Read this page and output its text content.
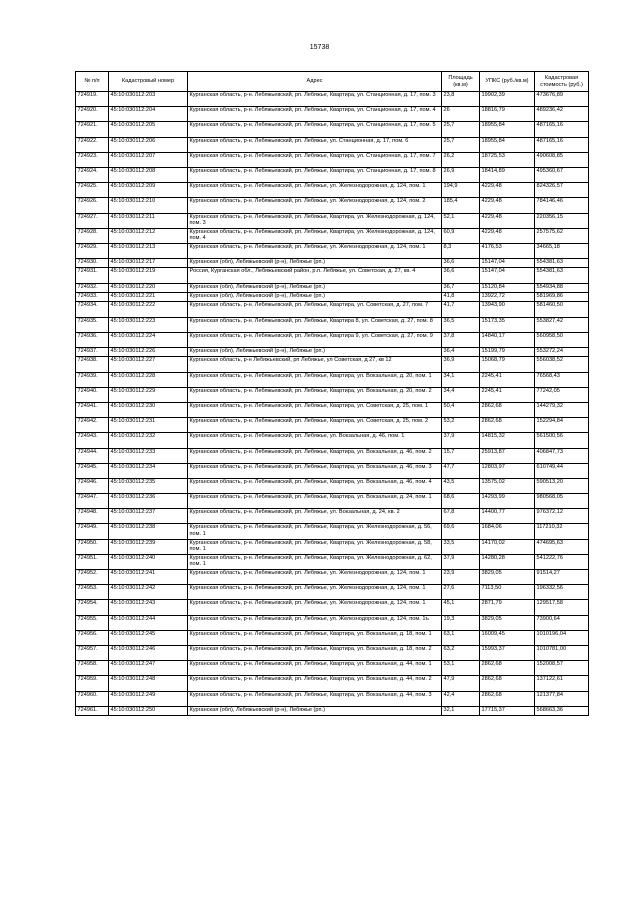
15738
№ п/п	Кадастровый номер	Адрес	Площадь (кв.м)	УПКС (руб./кв.м)	Кадастровая стоимость (руб.)
724919.	45:10:030112:203	Курганская область, р-н. Лебяжьевский, рп. Лебяжье, Квартира, ул. Станционная, д. 17, пом. 3	23,8	19902,39	473676,89
724920.	45:10:030112:204	Курганская область, р-н. Лебяжьевский, рп. Лебяжье, Квартира, ул. Станционная, д. 17, пом. 4	26	18816,79	489236,42
724921.	45:10:030112:205	Курганская область, р-н. Лебяжьевский, рп. Лебяжье, Квартира, ул. Станционная, д. 17, пом. 5	25,7	18955,84	487165,16
724922.	45:10:030112:206	Курганская область, р-н. Лебяжьевский, рп. Лебяжье, ул. Станционная, д. 17, пом. 6	25,7	18955,84	487165,16
724923.	45:10:030112:207	Курганская область, р-н. Лебяжьевский, рп. Лебяжье, Квартира, ул. Станционная, д. 17, пом. 7	26,2	18725,53	490608,85
724924.	45:10:030112:208	Курганская область, р-н. Лебяжьевский, рп. Лебяжье, Квартира, ул. Станционная, д. 17, пом. 8	26,9	18414,89	495360,67
724925.	45:10:030112:209	Курганская область, р-н. Лебяжьевский, рп. Лебяжье, ул. Железнодорожная, д. 124, пом. 1	194,9	4229,48	824326,57
724926.	45:10:030112:210	Курганская область, р-н. Лебяжьевский, рп. Лебяжье, ул. Железнодорожная, д. 124, пом. 2	185,4	4229,48	784146,46
724927.	45:10:030112:211	Курганская область, р-н. Лебяжьевский, рп. Лебяжье, Квартира, ул. Железнодорожная, д. 124, пом. 3	52,1	4229,48	220356,15
724928.	45:10:030112:212	Курганская область, р-н. Лебяжьевский, рп. Лебяжье, Квартира, ул. Железнодорожная, д. 124, пом. 4	60,9	4229,48	257575,62
724929.	45:10:030112:213	Курганская область, р-н. Лебяжьевский, рп. Лебяжье, ул. Железнодорожная, д. 124, пом. 1	8,3	4176,53	34665,18
724930.	45:10:030112:217	Курганская (обл), Лебяжьевский (р-н), Лебяжье (рп.)	36,6	15147,04	554381,63
724931.	45:10:030112:219	Россия, Курганская обл., Лебяжьевский район, р.п. Лебяжье, ул. Советская, д. 27, кв. 4	36,6	15147,04	554381,63
724932.	45:10:030112:220	Курганская (обл), Лебяжьевский (р-н), Лебяжье (рп.)	36,7	15120,84	554934,88
724933.	45:10:030112:221	Курганская (обл), Лебяжьевский (р-н), Лебяжье (рп.)	41,8	13922,72	581969,86
724934.	45:10:030112:222	Курганская область, р-н. Лебяжьевский, рп. Лебяжье, Квартира, ул. Советская, д. 27, пом. 7	41,7	13943,90	581460,50
724935.	45:10:030112:223	Курганская область, р-н. Лебяжьевский, рп. Лебяжье, Квартира 8, ул. Советская, д. 27, пом. 8	36,5	15173,35	553827,42
724936.	45:10:030112:224	Курганская область, р-н. Лебяжьевский, рп. Лебяжье, Квартира 9, ул. Советская, д. 27, пом. 9	37,8	14840,17	560958,50
724937.	45:10:030112:226	Курганская (обл), Лебяжьевский (р-н), Лебяжье (рп.)	36,4	15199,79	553272,24
724938.	45:10:030112:227	Курганская область, р-н Лебяжьевский, рп Лебяжье, ул Советская, д 27, кв 12	36,9	15068,79	556038,52
724939.	45:10:030112:228	Курганская область, р-н. Лебяжьевский, рп. Лебяжье, Квартира, ул. Вокзальная, д. 20, пом. 1	34,1	2245,41	76568,43
724940.	45:10:030112:229	Курганская область, р-н. Лебяжьевский, рп. Лебяжье, Квартира, ул. Вокзальная, д. 20, пом. 2	34,4	2245,41	77242,05
724941.	45:10:030112:230	Курганская область, р-н. Лебяжьевский, рп. Лебяжье, Квартира, ул. Советская, д. 25, пом. 1	50,4	2862,68	144279,32
724942.	45:10:030112:231	Курганская область, р-н. Лебяжьевский, рп. Лебяжье, Квартира, ул. Советская, д. 25, пом. 2	53,2	2862,68	152294,84
724943.	45:10:030112:232	Курганская область, р-н. Лебяжьевский, рп. Лебяжье, ул. Вокзальная, д. 46, пом. 1	37,9	14815,32	561500,56
724944.	45:10:030112:233	Курганская область, р-н. Лебяжьевский, рп. Лебяжье, Квартира, ул. Вокзальная, д. 46, пом. 2	15,7	25913,87	406847,73
724945.	45:10:030112:234	Курганская область, р-н. Лебяжьевский, рп. Лебяжье, Квартира, ул. Вокзальная, д. 46, пом. 3	47,7	12803,97	610749,44
724946.	45:10:030112:235	Курганская область, р-н. Лебяжьевский, рп. Лебяжье, Квартира, ул. Вокзальная, д. 46, пом. 4	43,5	13575,02	590513,20
724947.	45:10:030112:236	Курганская область, р-н. Лебяжьевский, рп. Лебяжье, Квартира, ул. Вокзальная, д. 24, пом. 1	68,6	14293,99	980568,05
724948.	45:10:030112:237	Курганская область, р-н. Лебяжьевский, рп. Лебяжье, ул. Вокзальная, д. 24, кв. 2	67,8	14400,77	976372,12
724949.	45:10:030112:238	Курганская область, р-н. Лебяжьевский, рп. Лебяжье, Квартира, ул. Железнодорожная, д. 56, пом. 1	69,6	1684,06	117210,32
724950.	45:10:030112:239	Курганская область, р-н. Лебяжьевский, рп. Лебяжье, Квартира, ул. Железнодорожная, д. 58, пом. 1	33,5	14170,02	474695,63
724951.	45:10:030112:240	Курганская область, р-н. Лебяжьевский, рп. Лебяжье, Квартира, ул. Железнодорожная, д. 62, пом. 1	37,9	14280,28	541222,76
724952.	45:10:030112:241	Курганская область, р-н. Лебяжьевский, рп. Лебяжье, ул. Железнодорожная, д. 124, пом. 1	23,9	3829,05	91514,27
724953.	45:10:030112:242	Курганская область, р-н. Лебяжьевский, рп. Лебяжье, ул. Железнодорожная, д. 124, пом. 1	27,6	7113,50	196332,56
724954.	45:10:030112:243	Курганская область, р-н. Лебяжьевский, рп. Лебяжье, ул. Железнодорожная, д. 124, пом. 1	45,1	2871,79	129517,58
724955.	45:10:030112:244	Курганская область, р-н. Лебяжьевский, рп. Лебяжье, ул. Железнодорожная, д. 124, пом. 1ъ	19,3	3829,05	73900,64
724956.	45:10:030112:245	Курганская область, р-н. Лебяжьевский, рп. Лебяжье, Квартира, ул. Вокзальная, д. 18, пом. 1	63,1	16009,45	1010196,04
724957.	45:10:030112:246	Курганская область, р-н. Лебяжьевский, рп. Лебяжье, Квартира, ул. Вокзальная, д. 18, пом. 2	63,2	15993,37	1010781,00
724958.	45:10:030112:247	Курганская область, р-н. Лебяжьевский, рп. Лебяжье, Квартира, ул. Вокзальная, д. 44, пом. 1	53,1	2862,68	152008,57
724959.	45:10:030112:248	Курганская область, р-н. Лебяжьевский, рп. Лебяжье, Квартира, ул. Вокзальная, д. 44, пом. 2	47,9	2862,68	137122,61
724960.	45:10:030112:249	Курганская область, р-н. Лебяжьевский, рп. Лебяжье, Квартира, ул. Вокзальная, д. 44, пом. 3	42,4	2862,68	121377,84
724961.	45:10:030112:250	Курганская (обл), Лебяжьевский (р-н), Лебяжье (рп.)	32,1	17715,37	568663,36
